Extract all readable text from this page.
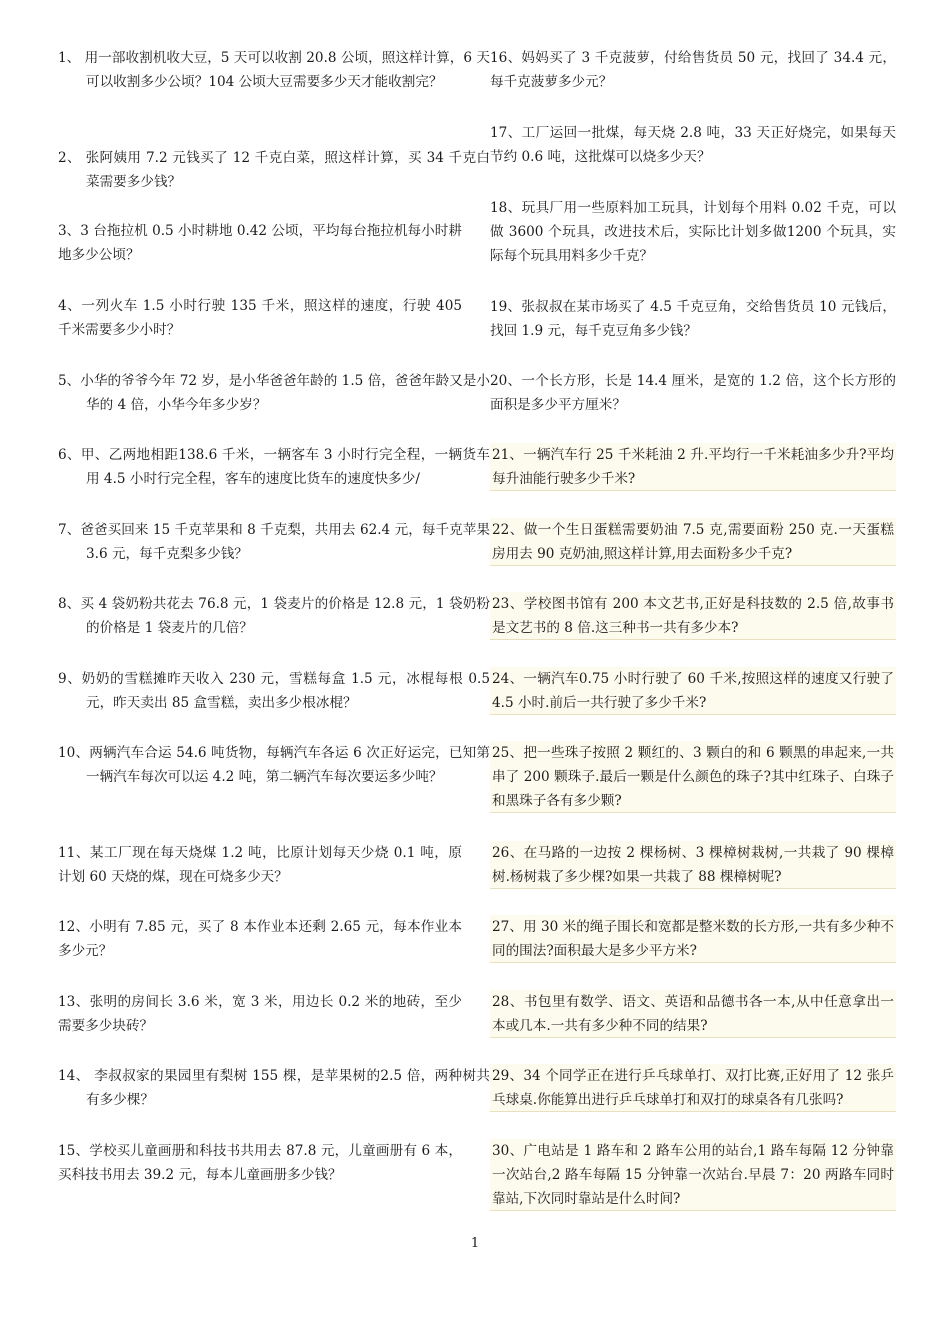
1、 用一部收割机收大豆，5 天可以收割 20.8 公顷，照这样计算，6 天可以收割多少公顷？104 公顷大豆需要多少天才能收割完？

2、 张阿姨用 7.2 元钱买了 12 千克白菜，照这样计算，买 34 千克白菜需要多少钱？

3、3 台拖拉机 0.5 小时耕地 0.42 公顷，平均每台拖拉机每小时耕地多少公顷？

4、一列火车 1.5 小时行驶 135 千米，照这样的速度，行驶 405 千米需要多少小时？

5、小华的爷爷今年 72 岁，是小华爸爸年龄的 1.5 倍，爸爸年龄又是小华的 4 倍，小华今年多少岁？

6、甲、乙两地相距138.6 千米，一辆客车 3 小时行完全程，一辆货车用 4.5 小时行完全程，客车的速度比货车的速度快多少/

7、爸爸买回来 15 千克苹果和 8 千克梨，共用去 62.4 元，每千克苹果 3.6 元，每千克梨多少钱？

8、买 4 袋奶粉共花去 76.8 元，1 袋麦片的价格是 12.8 元，1 袋奶粉的价格是 1 袋麦片的几倍？

9、奶奶的雪糕摊昨天收入 230 元，雪糕每盒 1.5 元，冰棍每根 0.5 元，昨天卖出 85 盒雪糕，卖出多少根冰棍？

10、两辆汽车合运 54.6 吨货物，每辆汽车各运 6 次正好运完，已知第一辆汽车每次可以运 4.2 吨，第二辆汽车每次要运多少吨？

11、某工厂现在每天烧煤 1.2 吨，比原计划每天少烧 0.1 吨，原计划 60 天烧的煤，现在可烧多少天？

12、小明有 7.85 元，买了 8 本作业本还剩 2.65 元，每本作业本多少元？

13、张明的房间长 3.6 米，宽 3 米，用边长 0.2 米的地砖，至少需要多少块砖？

14、 李叔叔家的果园里有梨树 155 棵，是苹果树的2.5 倍，两种树共有多少棵？

15、学校买儿童画册和科技书共用去 87.8 元，儿童画册有 6 本，买科技书用去 39.2 元，每本儿童画册多少钱？

16、妈妈买了 3 千克菠萝，付给售货员 50 元，找回了 34.4 元，每千克菠萝多少元？

17、工厂运回一批煤，每天烧 2.8 吨，33 天正好烧完，如果每天节约 0.6 吨，这批煤可以烧多少天？

18、玩具厂用一些原料加工玩具，计划每个用料 0.02 千克，可以做 3600 个玩具，改进技术后，实际比计划多做1200 个玩具，实际每个玩具用料多少千克？

19、张叔叔在某市场买了 4.5 千克豆角，交给售货员 10 元钱后，找回 1.9 元，每千克豆角多少钱？

20、一个长方形，长是 14.4 厘米，是宽的 1.2 倍，这个长方形的面积是多少平方厘米？

21、一辆汽车行 25 千米耗油 2 升.平均行一千米耗油多少升?平均每升油能行驶多少千米?

22、做一个生日蛋糕需要奶油 7.5 克,需要面粉 250 克.一天蛋糕房用去 90 克奶油,照这样计算,用去面粉多少千克?

23、学校图书馆有 200 本文艺书,正好是科技数的 2.5 倍,故事书是文艺书的 8 倍.这三种书一共有多少本?

24、一辆汽车0.75 小时行驶了 60 千米,按照这样的速度又行驶了4.5 小时.前后一共行驶了多少千米?

25、把一些珠子按照 2 颗红的、3 颗白的和 6 颗黑的串起来,一共串了 200 颗珠子.最后一颗是什么颜色的珠子?其中红珠子、白珠子和黑珠子各有多少颗?

26、在马路的一边按 2 棵杨树、3 棵樟树栽树,一共栽了 90 棵樟树.杨树栽了多少棵?如果一共栽了 88 棵樟树呢?

27、用 30 米的绳子围长和宽都是整米数的长方形,一共有多少种不同的围法?面积最大是多少平方米?

28、书包里有数学、语文、英语和品德书各一本,从中任意拿出一本或几本.一共有多少种不同的结果?

29、34 个同学正在进行乒乓球单打、双打比赛,正好用了 12 张乒乓球桌.你能算出进行乒乓球单打和双打的球桌各有几张吗?

30、广电站是 1 路车和 2 路车公用的站台,1 路车每隔 12 分钟靠一次站台,2 路车每隔 15 分钟靠一次站台.早晨 7：20 两路车同时靠站,下次同时靠站是什么时间?

1
